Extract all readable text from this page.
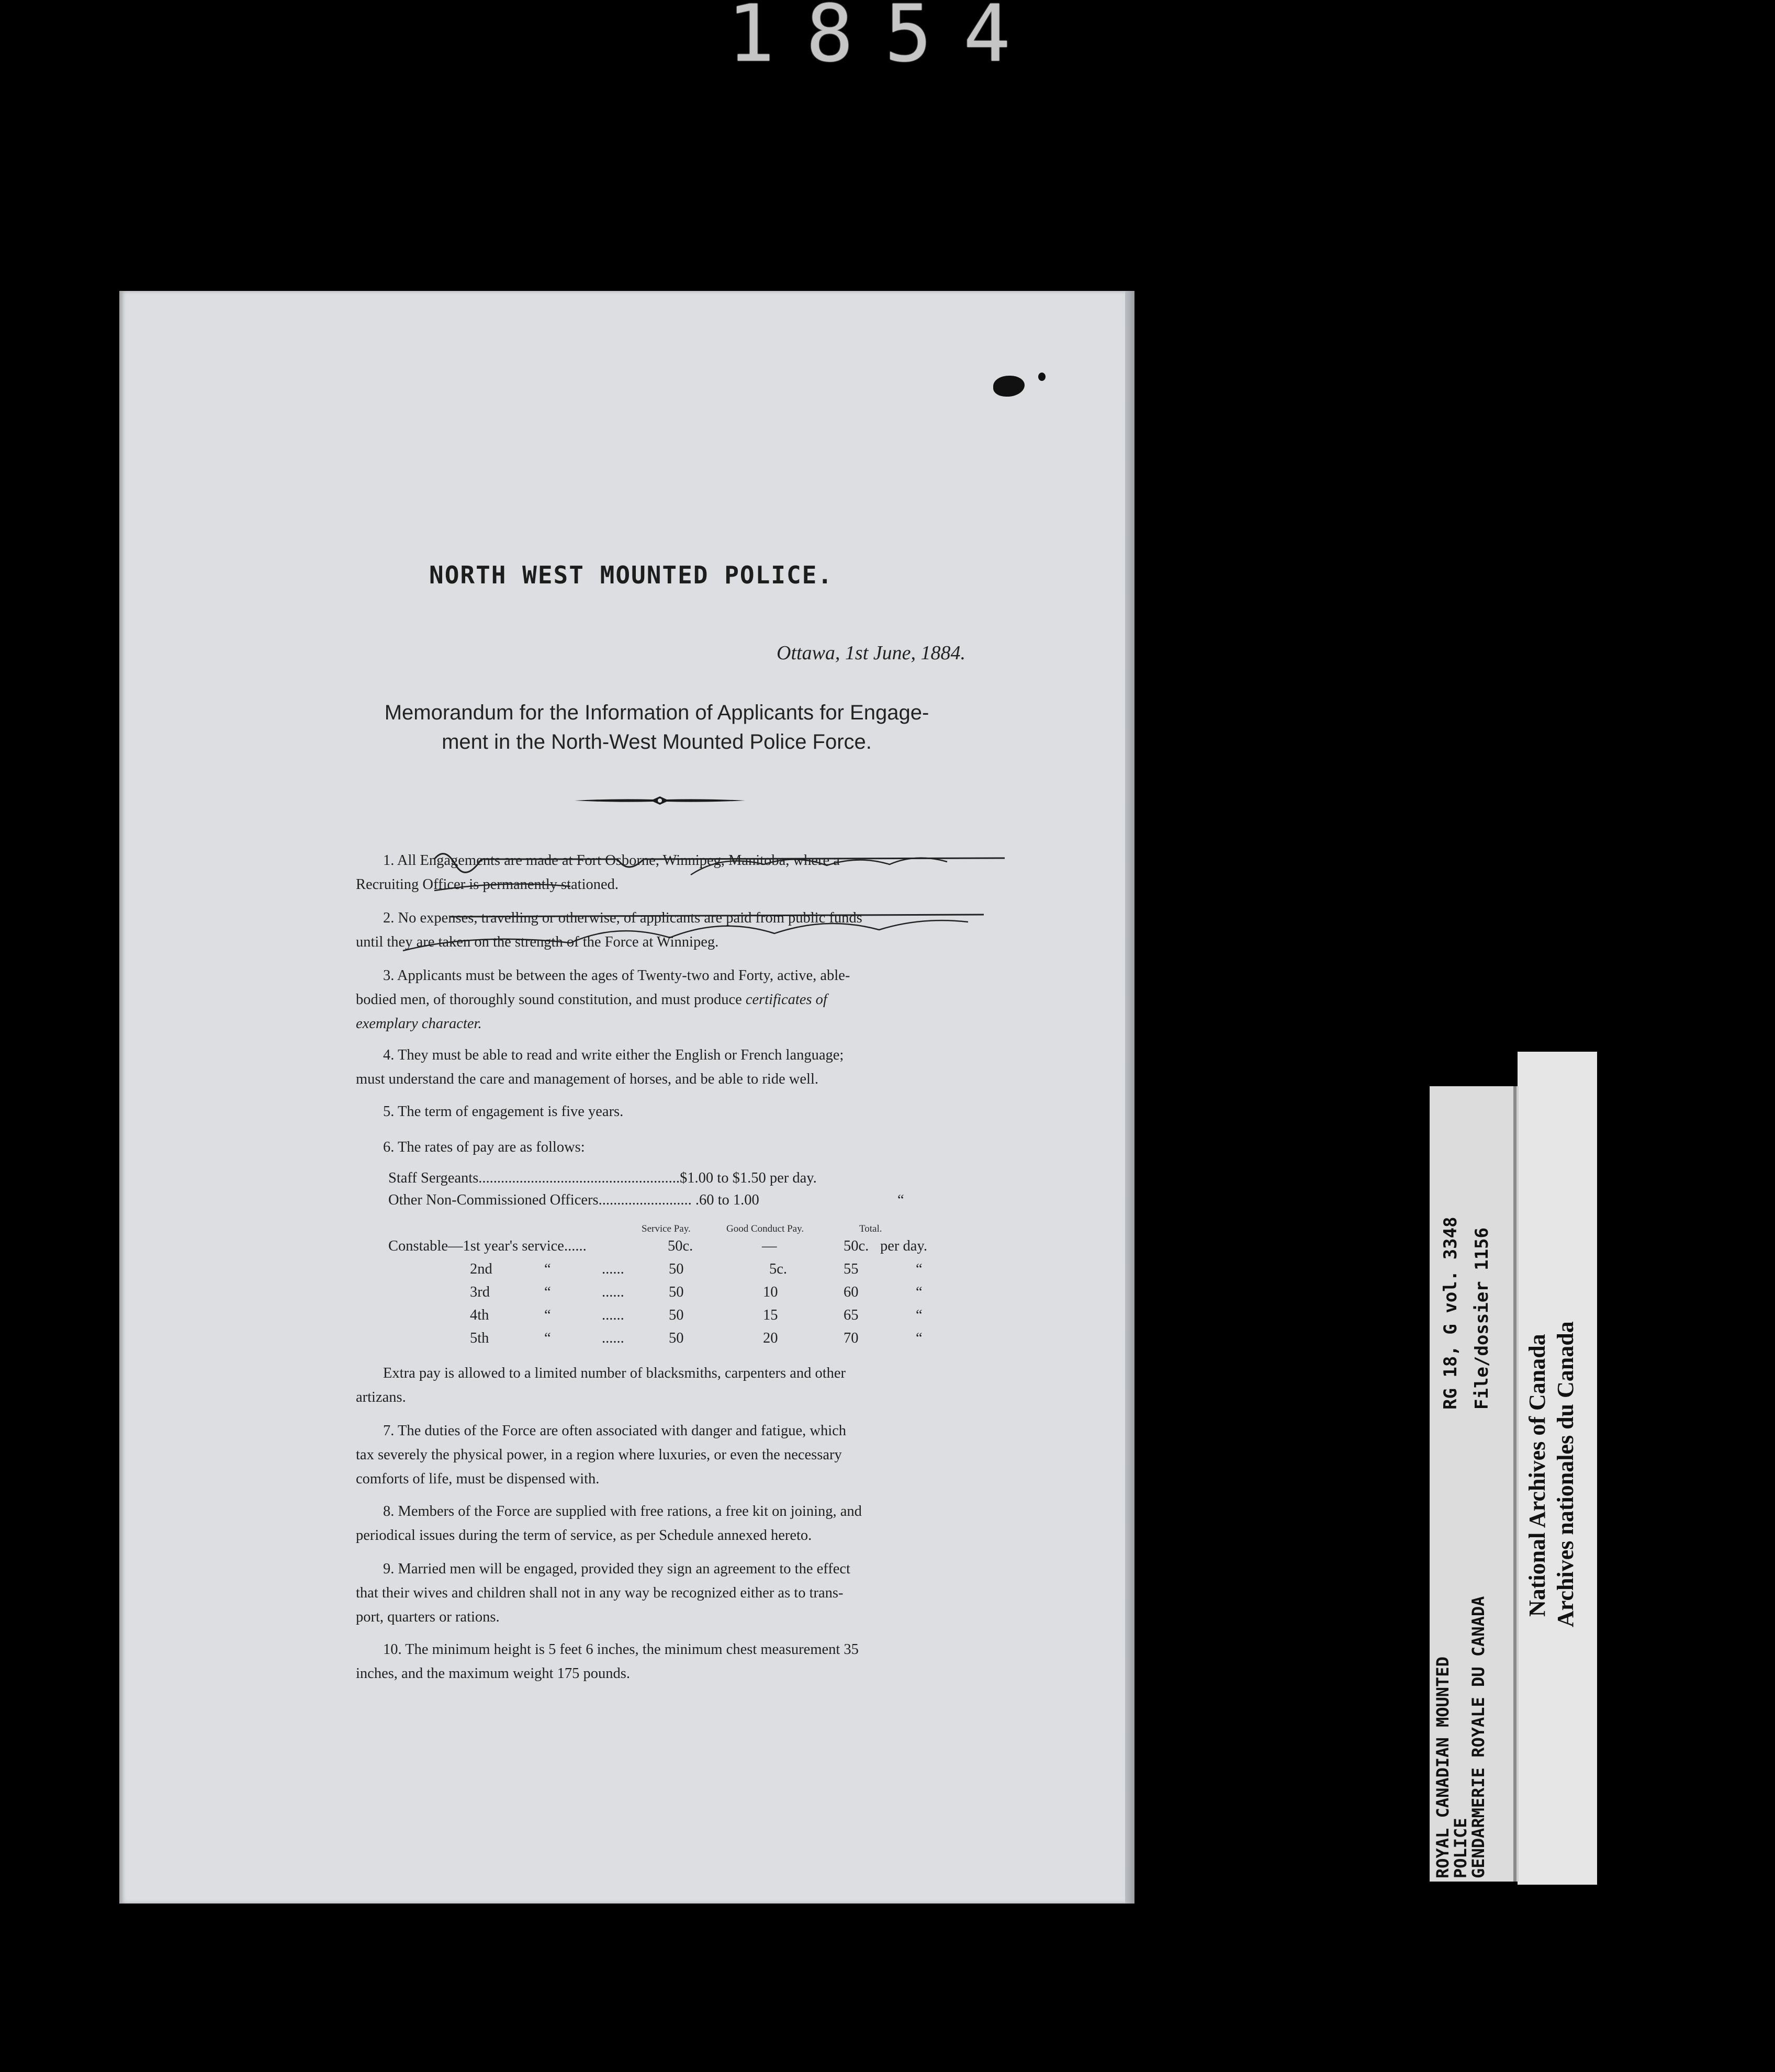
1854
NORTH WEST MOUNTED POLICE.
Ottawa, 1st June, 1884.
Memorandum for the Information of Applicants for Engage-
ment in the North-West Mounted Police Force.
1. All Engagements are made at Fort Osborne, Winnipeg, Manitoba, where a
Recruiting Officer is permanently stationed.
2. No expenses, travelling or otherwise, of applicants are paid from public funds
until they are taken on the strength of the Force at Winnipeg.
3. Applicants must be between the ages of Twenty-two and Forty, active, able-
bodied men, of thoroughly sound constitution, and must produce certificates of
exemplary character.
4. They must be able to read and write either the English or French language;
must understand the care and management of horses, and be able to ride well.
5. The term of engagement is five years.
6. The rates of pay are as follows:
Staff Sergeants......................................................$1.00 to $1.50 per day.
Other Non-Commissioned Officers......................... .60 to 1.00	“
Service Pay.	Good Conduct Pay.	Total.
Constable—1st year's service......	50c.	—	50c. per day.
2nd	“	......	50	5c.	55	“
3rd	“	......	50	10	60	“
4th	“	......	50	15	65	“
5th	“	......	50	20	70	“
Extra pay is allowed to a limited number of blacksmiths, carpenters and other
artizans.
7. The duties of the Force are often associated with danger and fatigue, which
tax severely the physical power, in a region where luxuries, or even the necessary
comforts of life, must be dispensed with.
8. Members of the Force are supplied with free rations, a free kit on joining, and
periodical issues during the term of service, as per Schedule annexed hereto.
9. Married men will be engaged, provided they sign an agreement to the effect
that their wives and children shall not in any way be recognized either as to trans-
port, quarters or rations.
10. The minimum height is 5 feet 6 inches, the minimum chest measurement 35
inches, and the maximum weight 175 pounds.	ROYAL CANADIAN MOUNTED
POLICE
GENDARMERIE ROYALE DU CANADA
RG 18, G vol. 3348 File/dossier 1156
National Archives of Canada Archives nationales du Canada
